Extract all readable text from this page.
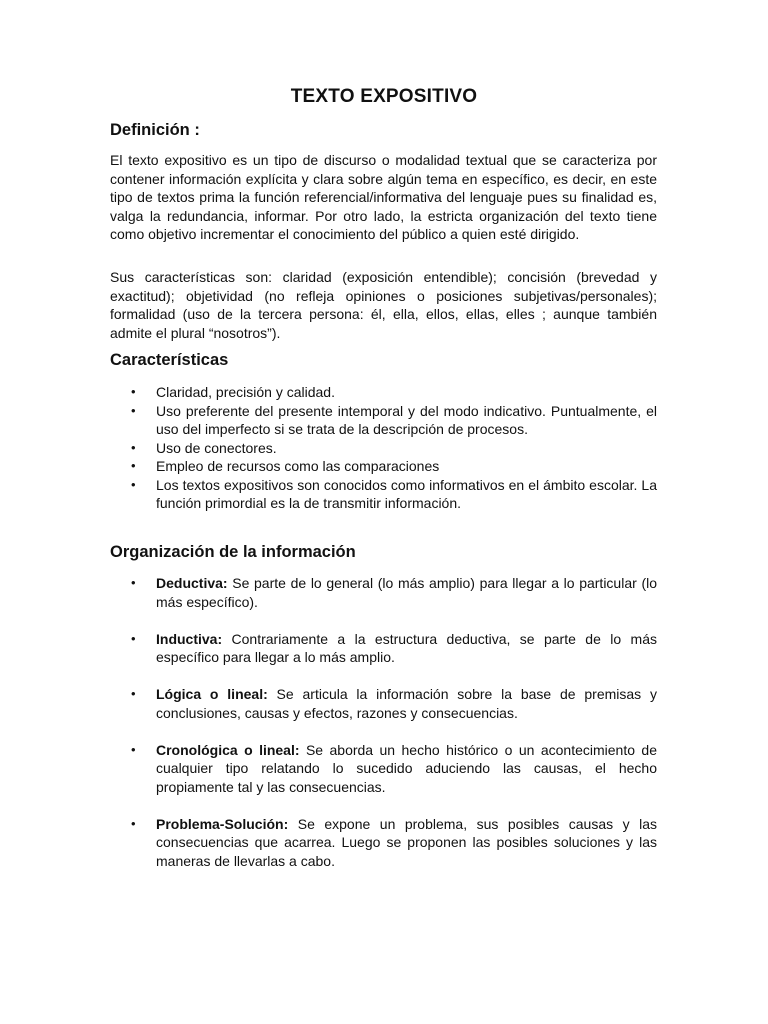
TEXTO EXPOSITIVO
Definición :

El texto expositivo es un tipo de discurso o modalidad textual que se caracteriza por contener información explícita y clara sobre algún tema en específico, es decir, en este tipo de textos prima la función referencial/informativa del lenguaje pues su finalidad es, valga la redundancia, informar. Por otro lado, la estricta organización del texto tiene como objetivo incrementar el conocimiento del público a quien esté dirigido.

Sus características son: claridad (exposición entendible); concisión (brevedad y exactitud); objetividad (no refleja opiniones o posiciones subjetivas/personales); formalidad (uso de la tercera persona: él, ella, ellos, ellas, elles ; aunque también admite el plural “nosotros”).

Características
• Claridad, precisión y calidad.
• Uso preferente del presente intemporal y del modo indicativo. Puntualmente, el uso del imperfecto si se trata de la descripción de procesos.
• Uso de conectores.
• Empleo de recursos como las comparaciones
• Los textos expositivos son conocidos como informativos en el ámbito escolar. La función primordial es la de transmitir información.
Organización de la información
• Deductiva: Se parte de lo general (lo más amplio) para llegar a lo particular (lo más específico).
• Inductiva: Contrariamente a la estructura deductiva, se parte de lo más específico para llegar a lo más amplio.
• Lógica o lineal: Se articula la información sobre la base de premisas y conclusiones, causas y efectos, razones y consecuencias.
• Cronológica o lineal: Se aborda un hecho histórico o un acontecimiento de cualquier tipo relatando lo sucedido aduciendo las causas, el hecho propiamente tal y las consecuencias.
• Problema-Solución: Se expone un problema, sus posibles causas y las consecuencias que acarrea. Luego se proponen las posibles soluciones y las maneras de llevarlas a cabo.
